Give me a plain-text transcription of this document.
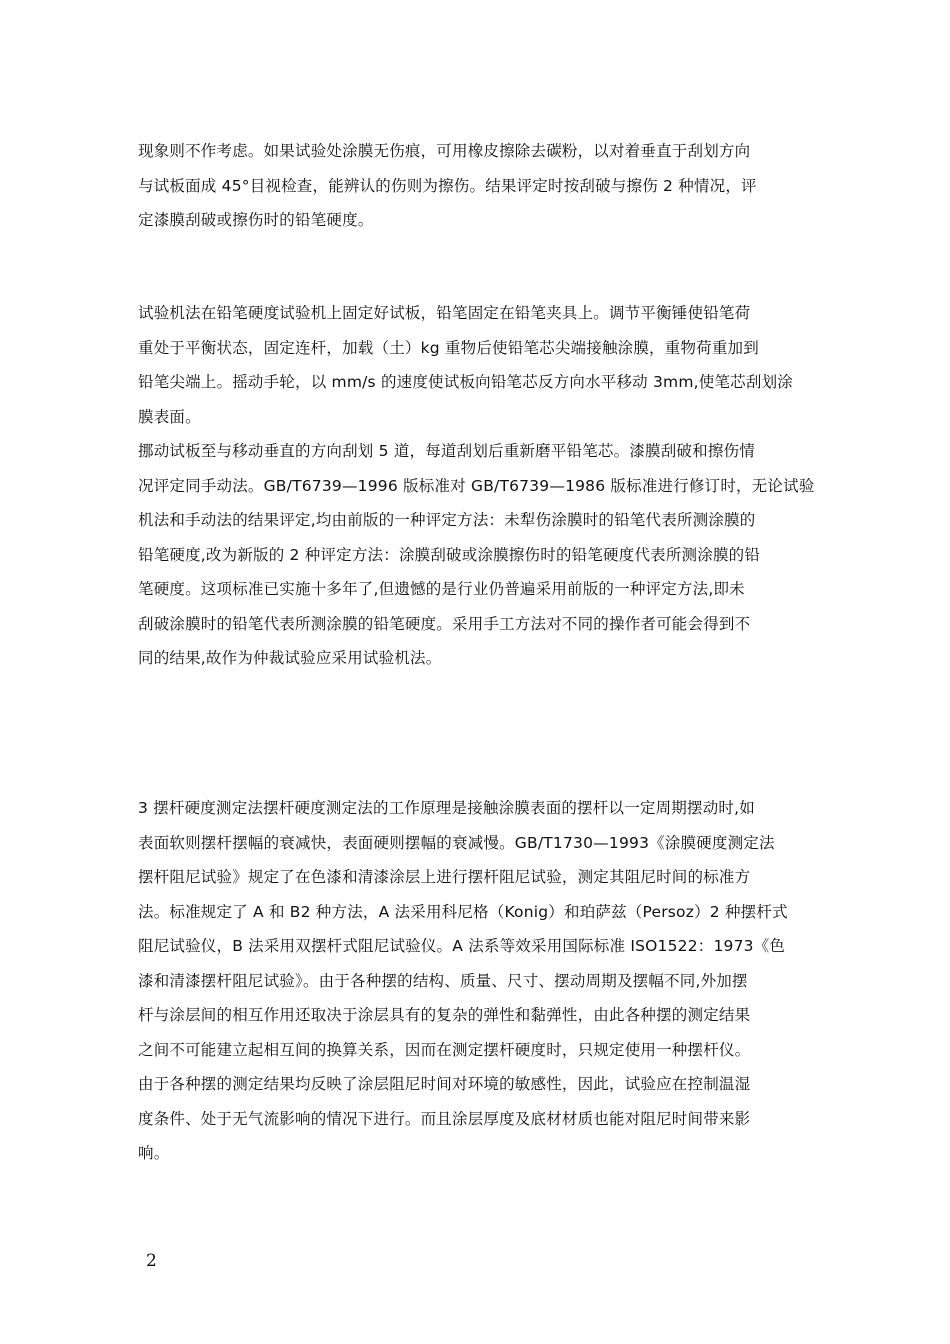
现象则不作考虑。如果试验处涂膜无伤痕，可用橡皮擦除去碳粉，以对着垂直于刮划方向
与试板面成 45°目视检查，能辨认的伤则为擦伤。结果评定时按刮破与擦伤 2 种情况，评
定漆膜刮破或擦伤时的铅笔硬度。
试验机法在铅笔硬度试验机上固定好试板，铅笔固定在铅笔夹具上。调节平衡锤使铅笔荷
重处于平衡状态，固定连杆，加载（土）kg 重物后使铅笔芯尖端接触涂膜，重物荷重加到
铅笔尖端上。摇动手轮，以 mm/s 的速度使试板向铅笔芯反方向水平移动 3mm,使笔芯刮划涂
膜表面。
挪动试板至与移动垂直的方向刮划 5 道，每道刮划后重新磨平铅笔芯。漆膜刮破和擦伤情
况评定同手动法。GB/T6739—1996 版标准对 GB/T6739—1986 版标准进行修订时，无论试验
机法和手动法的结果评定,均由前版的一种评定方法：未犁伤涂膜时的铅笔代表所测涂膜的
铅笔硬度,改为新版的 2 种评定方法：涂膜刮破或涂膜擦伤时的铅笔硬度代表所测涂膜的铅
笔硬度。这项标准已实施十多年了,但遗憾的是行业仍普遍采用前版的一种评定方法,即未
刮破涂膜时的铅笔代表所测涂膜的铅笔硬度。采用手工方法对不同的操作者可能会得到不
同的结果,故作为仲裁试验应采用试验机法。
3 摆杆硬度测定法摆杆硬度测定法的工作原理是接触涂膜表面的摆杆以一定周期摆动时,如
表面软则摆杆摆幅的衰减快，表面硬则摆幅的衰减慢。GB/T1730—1993《涂膜硬度测定法
摆杆阻尼试验》规定了在色漆和清漆涂层上进行摆杆阻尼试验，测定其阻尼时间的标准方
法。标准规定了 A 和 B2 种方法，A 法采用科尼格（Konig）和珀萨兹（Persoz）2 种摆杆式
阻尼试验仪，B 法采用双摆杆式阻尼试验仪。A 法系等效采用国际标准 ISO1522：1973《色
漆和清漆摆杆阻尼试验》。由于各种摆的结构、质量、尺寸、摆动周期及摆幅不同,外加摆
杆与涂层间的相互作用还取决于涂层具有的复杂的弹性和黏弹性，由此各种摆的测定结果
之间不可能建立起相互间的换算关系，因而在测定摆杆硬度时，只规定使用一种摆杆仪。
由于各种摆的测定结果均反映了涂层阻尼时间对环境的敏感性，因此，试验应在控制温湿
度条件、处于无气流影响的情况下进行。而且涂层厚度及底材材质也能对阻尼时间带来影
响。
2
